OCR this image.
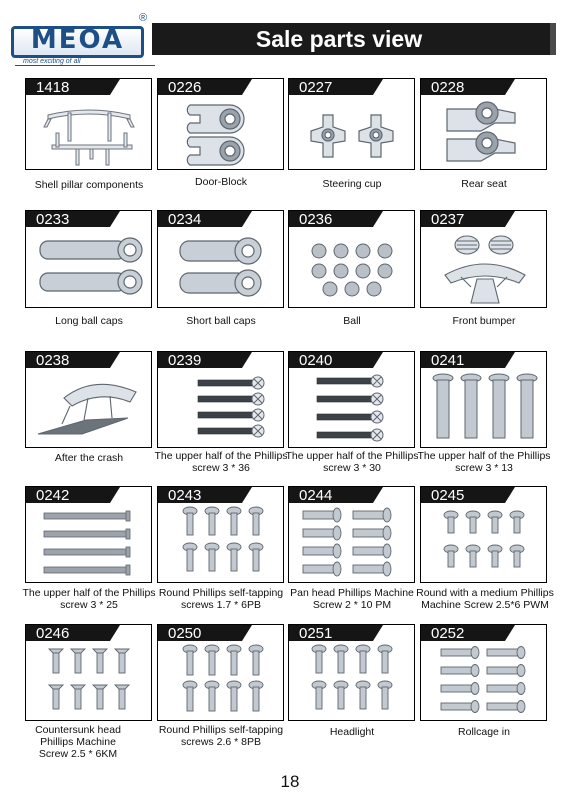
MEOA
®
most exciting of all
Sale parts view
1418
Shell pillar components
0226
Door-Block
0227
Steering cup
0228
Rear seat
0233
Long ball caps
0234
Short ball caps
0236
Ball
0237
Front bumper
0238
After the crash
0239
The upper half of the Phillips screw 3 * 36
0240
The upper half of the Phillips screw 3 * 30
0241
The upper half of the Phillips screw 3 * 13
0242
The upper half of the Phillips screw 3 * 25
0243
Round Phillips self-tapping screws 1.7 * 6PB
0244
Pan head Phillips Machine Screw 2 * 10 PM
0245
Round with a medium Phillips Machine Screw 2.5*6 PWM
0246
Countersunk head Phillips Machine Screw 2.5 * 6KM
0250
Round Phillips self-tapping screws 2.6 * 8PB
0251
Headlight
0252
Rollcage in
18
